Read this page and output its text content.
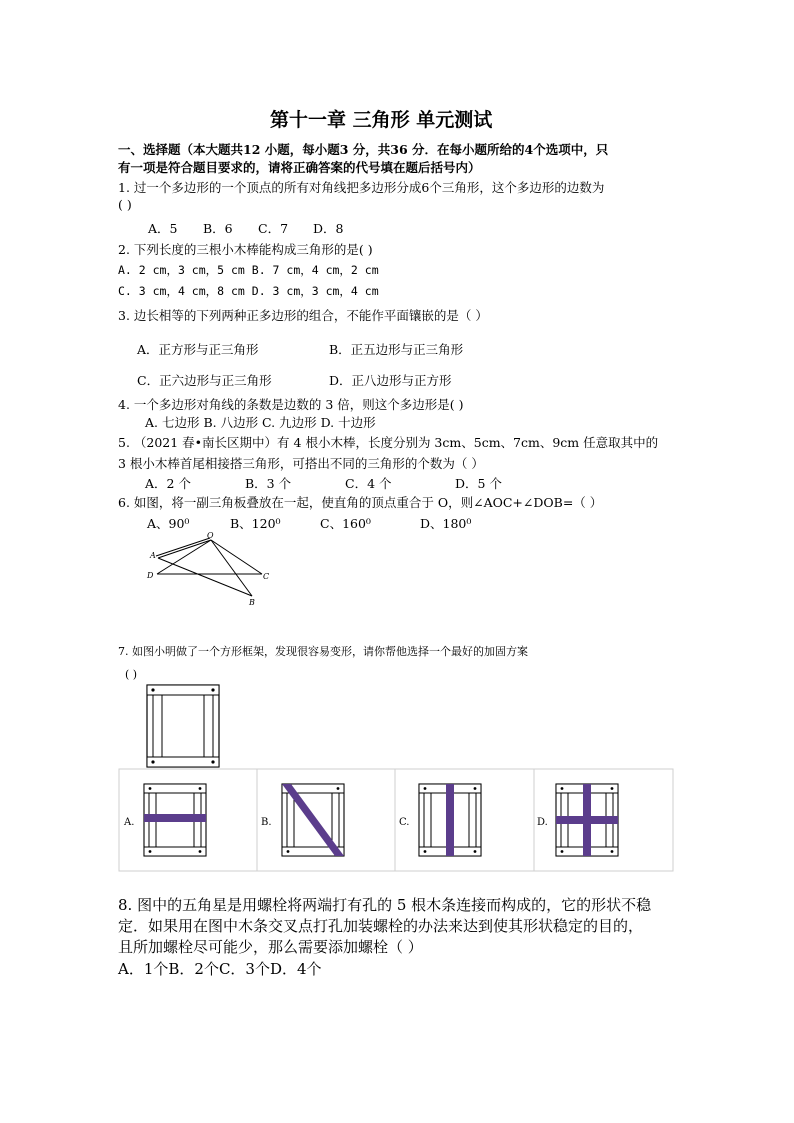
第十一章 三角形 单元测试
一、选择题（本大题共12 小题，每小题3 分，共36 分．在每小题所给的4个选项中，只
有一项是符合题目要求的，请将正确答案的代号填在题后括号内）
1. 过一个多边形的一个顶点的所有对角线把多边形分成6个三角形，这个多边形的边数为
( )
A．5 B．6 C．7 D．8
2. 下列长度的三根小木棒能构成三角形的是( )
A. 2 cm，3 cm，5 cm B. 7 cm，4 cm，2 cm
C. 3 cm，4 cm，8 cm D. 3 cm，3 cm，4 cm
3. 边长相等的下列两种正多边形的组合，不能作平面镶嵌的是（ ）
A．正方形与正三角形	B．正五边形与正三角形
C．正六边形与正三角形	D．正八边形与正方形
4. 一个多边形对角线的条数是边数的 3 倍，则这个多边形是( )
A. 七边形 B. 八边形 C. 九边形 D. 十边形
5. （2021 春•南长区期中）有 4 根小木棒，长度分别为 3cm、5cm、7cm、9cm 任意取其中的
3 根小木棒首尾相接搭三角形，可搭出不同的三角形的个数为（ ）
A．2 个	B．3 个	C．4 个	D．5 个
6. 如图，将一副三角板叠放在一起，使直角的顶点重合于 O，则∠AOC+∠DOB=（ ）
A、90⁰	B、120⁰	C、160⁰	D、180⁰
O
A
D	C
B
7. 如图小明做了一个方形框架，发现很容易变形，请你帮他选择一个最好的加固方案
( )
A.	B.	C.	D.
8. 图中的五角星是用螺栓将两端打有孔的 5 根木条连接而构成的，它的形状不稳
定．如果用在图中木条交叉点打孔加装螺栓的办法来达到使其形状稳定的目的，
且所加螺栓尽可能少，那么需要添加螺栓（ ）
A．1个B．2个C．3个D．4个
